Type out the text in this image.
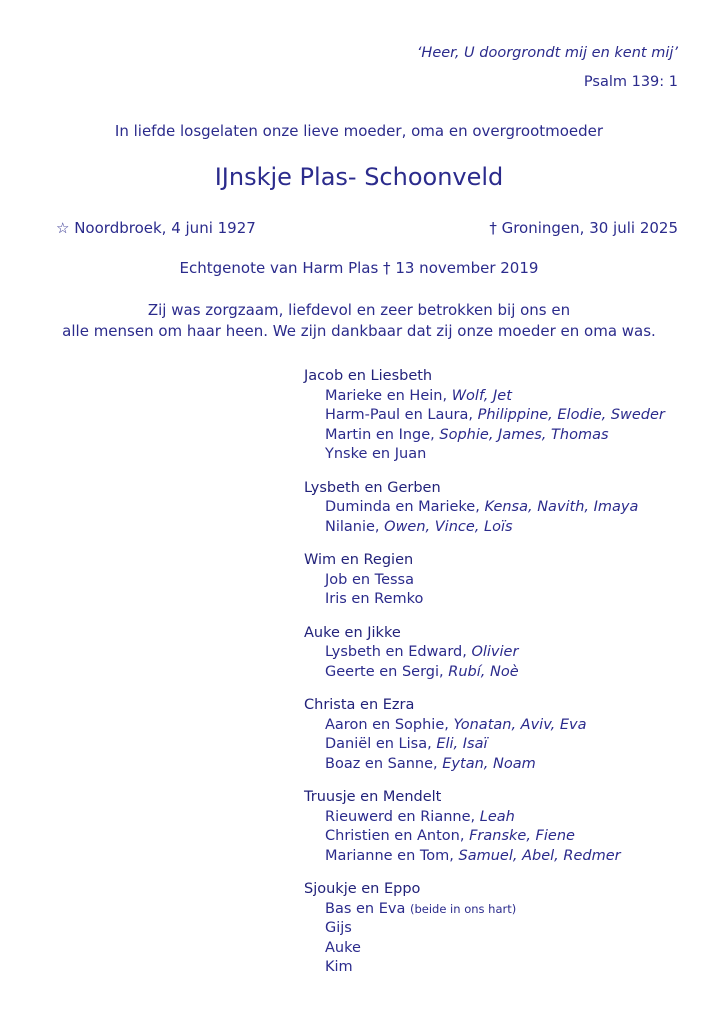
‘Heer, U doorgrondt mij en kent mij’
Psalm 139: 1
In liefde losgelaten onze lieve moeder, oma en overgrootmoeder
IJnskje Plas- Schoonveld
☆ Noordbroek, 4 juni 1927	† Groningen, 30 juli 2025
Echtgenote van Harm Plas † 13 november 2019
Zij was zorgzaam, liefdevol en zeer betrokken bij ons en
alle mensen om haar heen. We zijn dankbaar dat zij onze moeder en oma was.
Jacob en Liesbeth
Marieke en Hein, Wolf, Jet
Harm-Paul en Laura, Philippine, Elodie, Sweder
Martin en Inge, Sophie, James, Thomas
Ynske en Juan
Lysbeth en Gerben
Duminda en Marieke, Kensa, Navith, Imaya
Nilanie, Owen, Vince, Loïs
Wim en Regien
Job en Tessa
Iris en Remko
Auke en Jikke
Lysbeth en Edward, Olivier
Geerte en Sergi, Rubí, Noè
Christa en Ezra
Aaron en Sophie, Yonatan, Aviv, Eva
Daniël en Lisa, Eli, Isaï
Boaz en Sanne, Eytan, Noam
Truusje en Mendelt
Rieuwerd en Rianne, Leah
Christien en Anton, Franske, Fiene
Marianne en Tom, Samuel, Abel, Redmer
Sjoukje en Eppo
Bas en Eva (beide in ons hart)
Gijs
Auke
Kim
